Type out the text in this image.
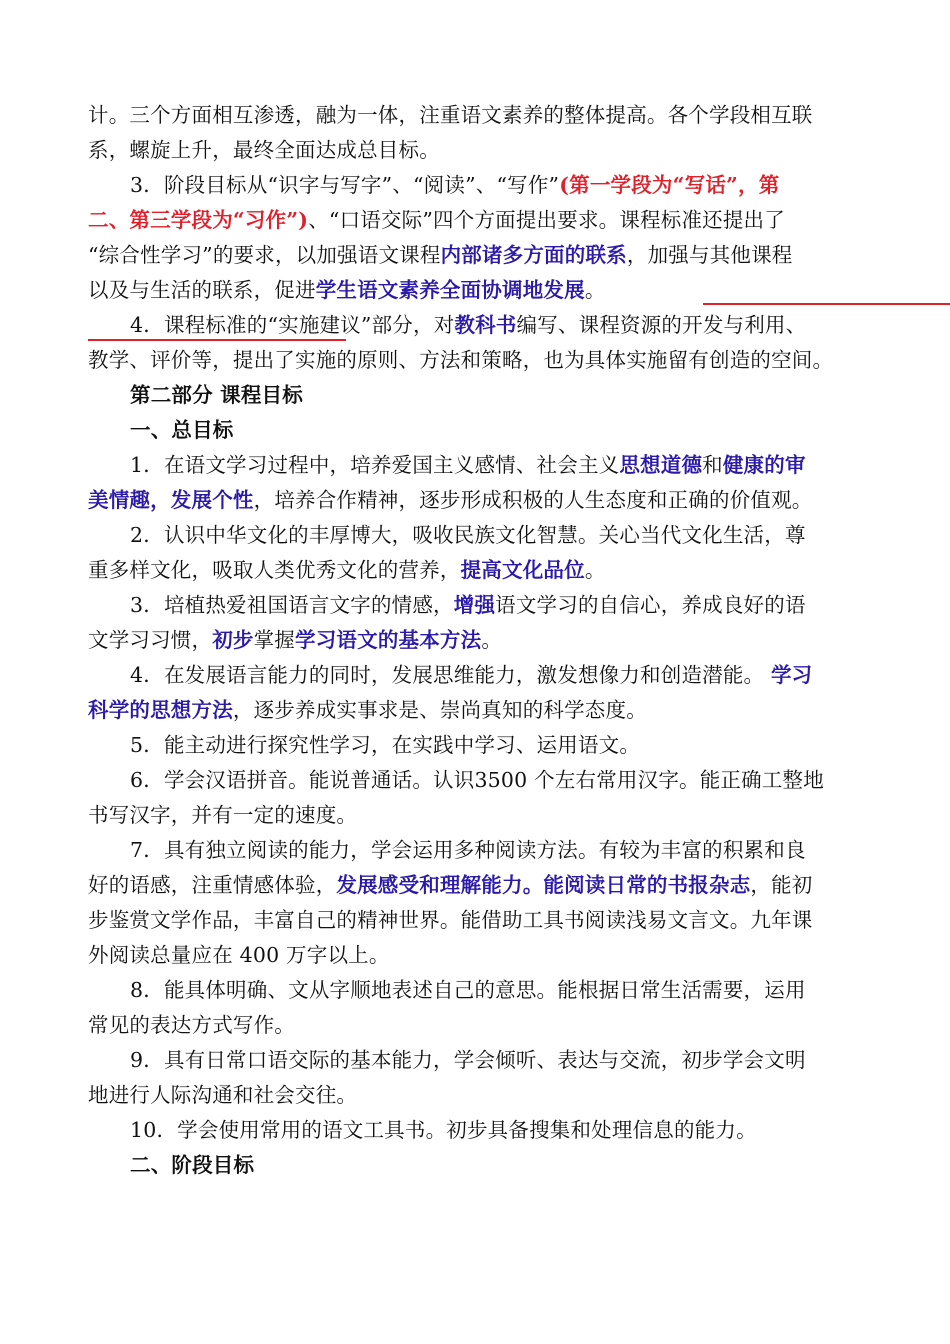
计。三个方面相互渗透，融为一体，注重语文素养的整体提高。各个学段相互联
系，螺旋上升，最终全面达成总目标。
3．阶段目标从“识字与写字”、“阅读”、“写作”(第一学段为“写话”，第
二、第三学段为“习作”)、“口语交际”四个方面提出要求。课程标准还提出了
“综合性学习”的要求，以加强语文课程内部诸多方面的联系，加强与其他课程
以及与生活的联系，促进学生语文素养全面协调地发展。
4．课程标准的“实施建议”部分，对教科书编写、课程资源的开发与利用、
教学、评价等，提出了实施的原则、方法和策略，也为具体实施留有创造的空间。
第二部分 课程目标
一、总目标
1．在语文学习过程中，培养爱国主义感情、社会主义思想道德和健康的审
美情趣，发展个性，培养合作精神，逐步形成积极的人生态度和正确的价值观。
2．认识中华文化的丰厚博大，吸收民族文化智慧。关心当代文化生活，尊
重多样文化，吸取人类优秀文化的营养，提高文化品位。
3．培植热爱祖国语言文字的情感，增强语文学习的自信心，养成良好的语
文学习习惯，初步掌握学习语文的基本方法。
4．在发展语言能力的同时，发展思维能力，激发想像力和创造潜能。 学习
科学的思想方法，逐步养成实事求是、崇尚真知的科学态度。
5．能主动进行探究性学习，在实践中学习、运用语文。
6．学会汉语拼音。能说普通话。认识3500 个左右常用汉字。能正确工整地
书写汉字，并有一定的速度。
7．具有独立阅读的能力，学会运用多种阅读方法。有较为丰富的积累和良
好的语感，注重情感体验，发展感受和理解能力。能阅读日常的书报杂志，能初
步鉴赏文学作品，丰富自己的精神世界。能借助工具书阅读浅易文言文。九年课
外阅读总量应在 400 万字以上。
8．能具体明确、文从字顺地表述自己的意思。能根据日常生活需要，运用
常见的表达方式写作。
9．具有日常口语交际的基本能力，学会倾听、表达与交流，初步学会文明
地进行人际沟通和社会交往。
10．学会使用常用的语文工具书。初步具备搜集和处理信息的能力。
二、阶段目标
